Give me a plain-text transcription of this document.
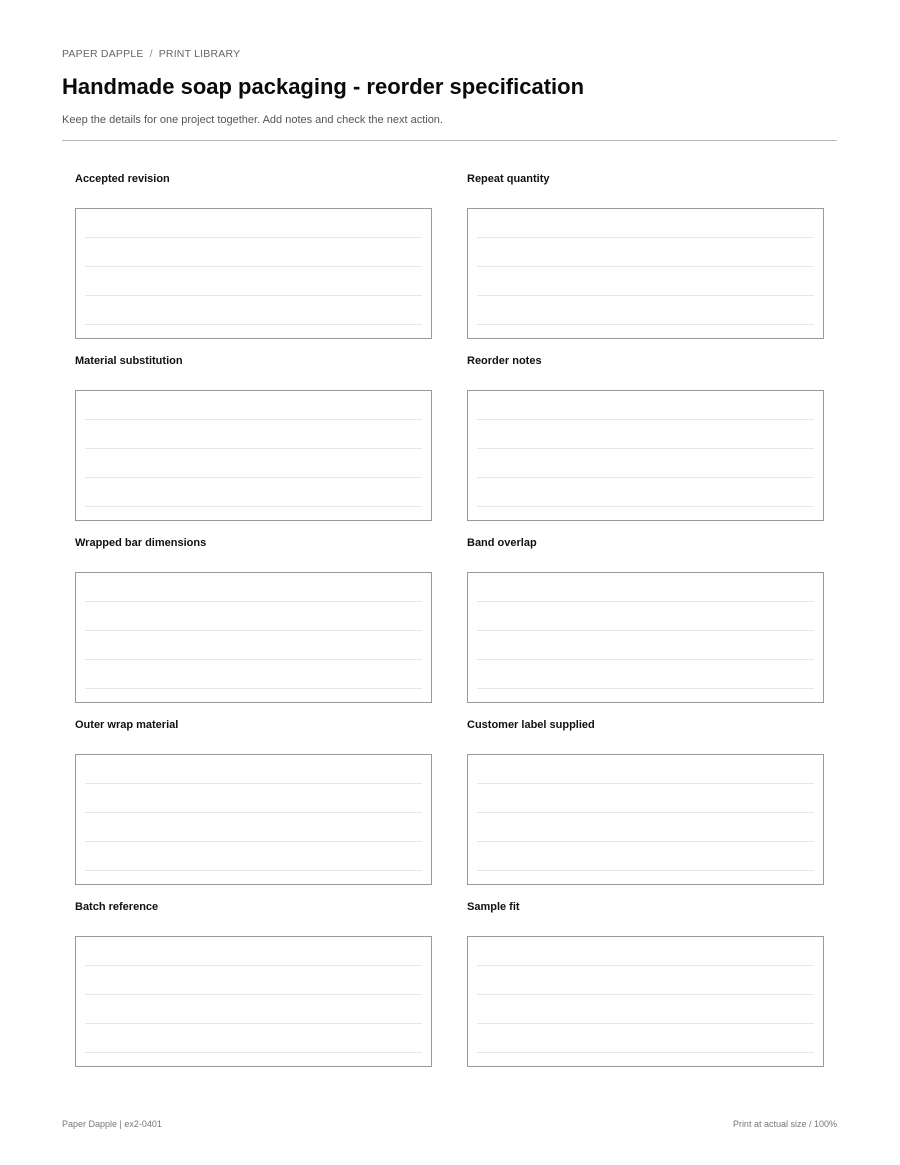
PAPER DAPPLE / PRINT LIBRARY
Handmade soap packaging - reorder specification
Keep the details for one project together. Add notes and check the next action.
Accepted revision	Repeat quantity
Material substitution	Reorder notes
Wrapped bar dimensions	Band overlap
Outer wrap material	Customer label supplied
Batch reference	Sample fit
Paper Dapple | ex2-0401	Print at actual size / 100%
